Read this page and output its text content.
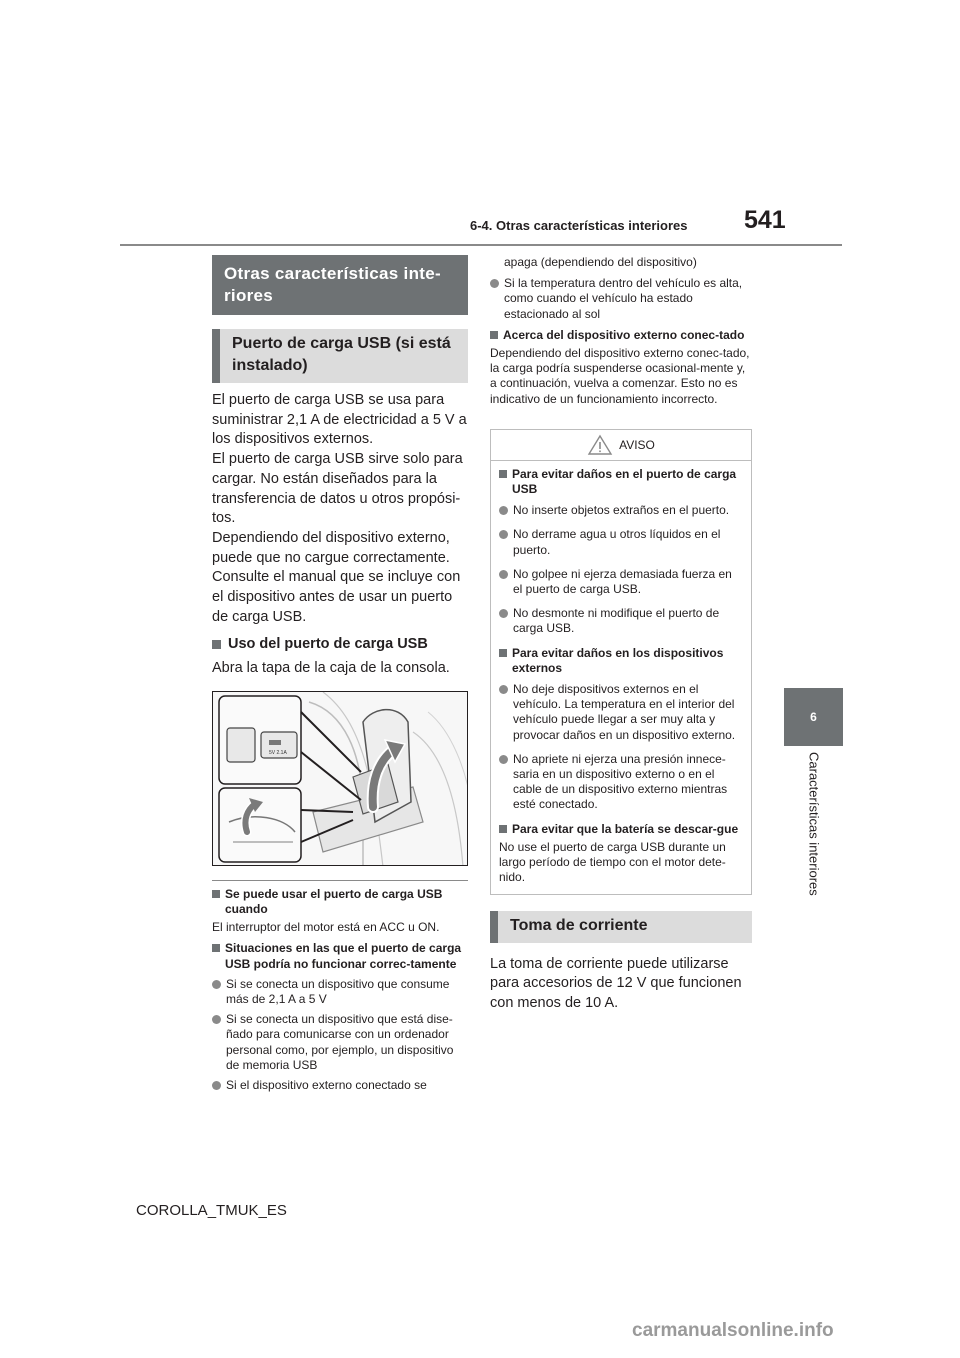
6-4. Otras características interiores 541
6
Características interiores
Otras características inte-riores
Puerto de carga USB (si está instalado)

El puerto de carga USB se usa para suministrar 2,1 A de electricidad a 5 V a los dispositivos externos.

El puerto de carga USB sirve solo para cargar. No están diseñados para la transferencia de datos u otros propósi-tos.

Dependiendo del dispositivo externo, puede que no cargue correctamente. Consulte el manual que se incluye con el dispositivo antes de usar un puerto de carga USB.

Uso del puerto de carga USB
Abra la tapa de la caja de la consola.
5V 2.1A
Se puede usar el puerto de carga USB cuando
El interruptor del motor está en ACC u ON.
Situaciones en las que el puerto de carga USB podría no funcionar correc-tamente
Si se conecta un dispositivo que consume más de 2,1 A a 5 V
Si se conecta un dispositivo que está dise-ñado para comunicarse con un ordenador personal como, por ejemplo, un dispositivo de memoria USB
Si el dispositivo externo conectado se
apaga (dependiendo del dispositivo)
Si la temperatura dentro del vehículo es alta, como cuando el vehículo ha estado estacionado al sol
Acerca del dispositivo externo conec-tado
Dependiendo del dispositivo externo conec-tado, la carga podría suspenderse ocasional-mente y, a continuación, vuelva a comenzar. Esto no es indicativo de un funcionamiento incorrecto.
AVISO
Para evitar daños en el puerto de carga USB
No inserte objetos extraños en el puerto.
No derrame agua u otros líquidos en el puerto.
No golpee ni ejerza demasiada fuerza en el puerto de carga USB.
No desmonte ni modifique el puerto de carga USB.
Para evitar daños en los dispositivos externos
No deje dispositivos externos en el vehículo. La temperatura en el interior del vehículo puede llegar a ser muy alta y provocar daños en un dispositivo externo.
No apriete ni ejerza una presión innece-saria en un dispositivo externo o en el cable de un dispositivo externo mientras esté conectado.
Para evitar que la batería se descar-gue
No use el puerto de carga USB durante un largo período de tiempo con el motor dete-nido.
Toma de corriente
La toma de corriente puede utilizarse para accesorios de 12 V que funcionen con menos de 10 A.
COROLLA_TMUK_ES
carmanualsonline.info
